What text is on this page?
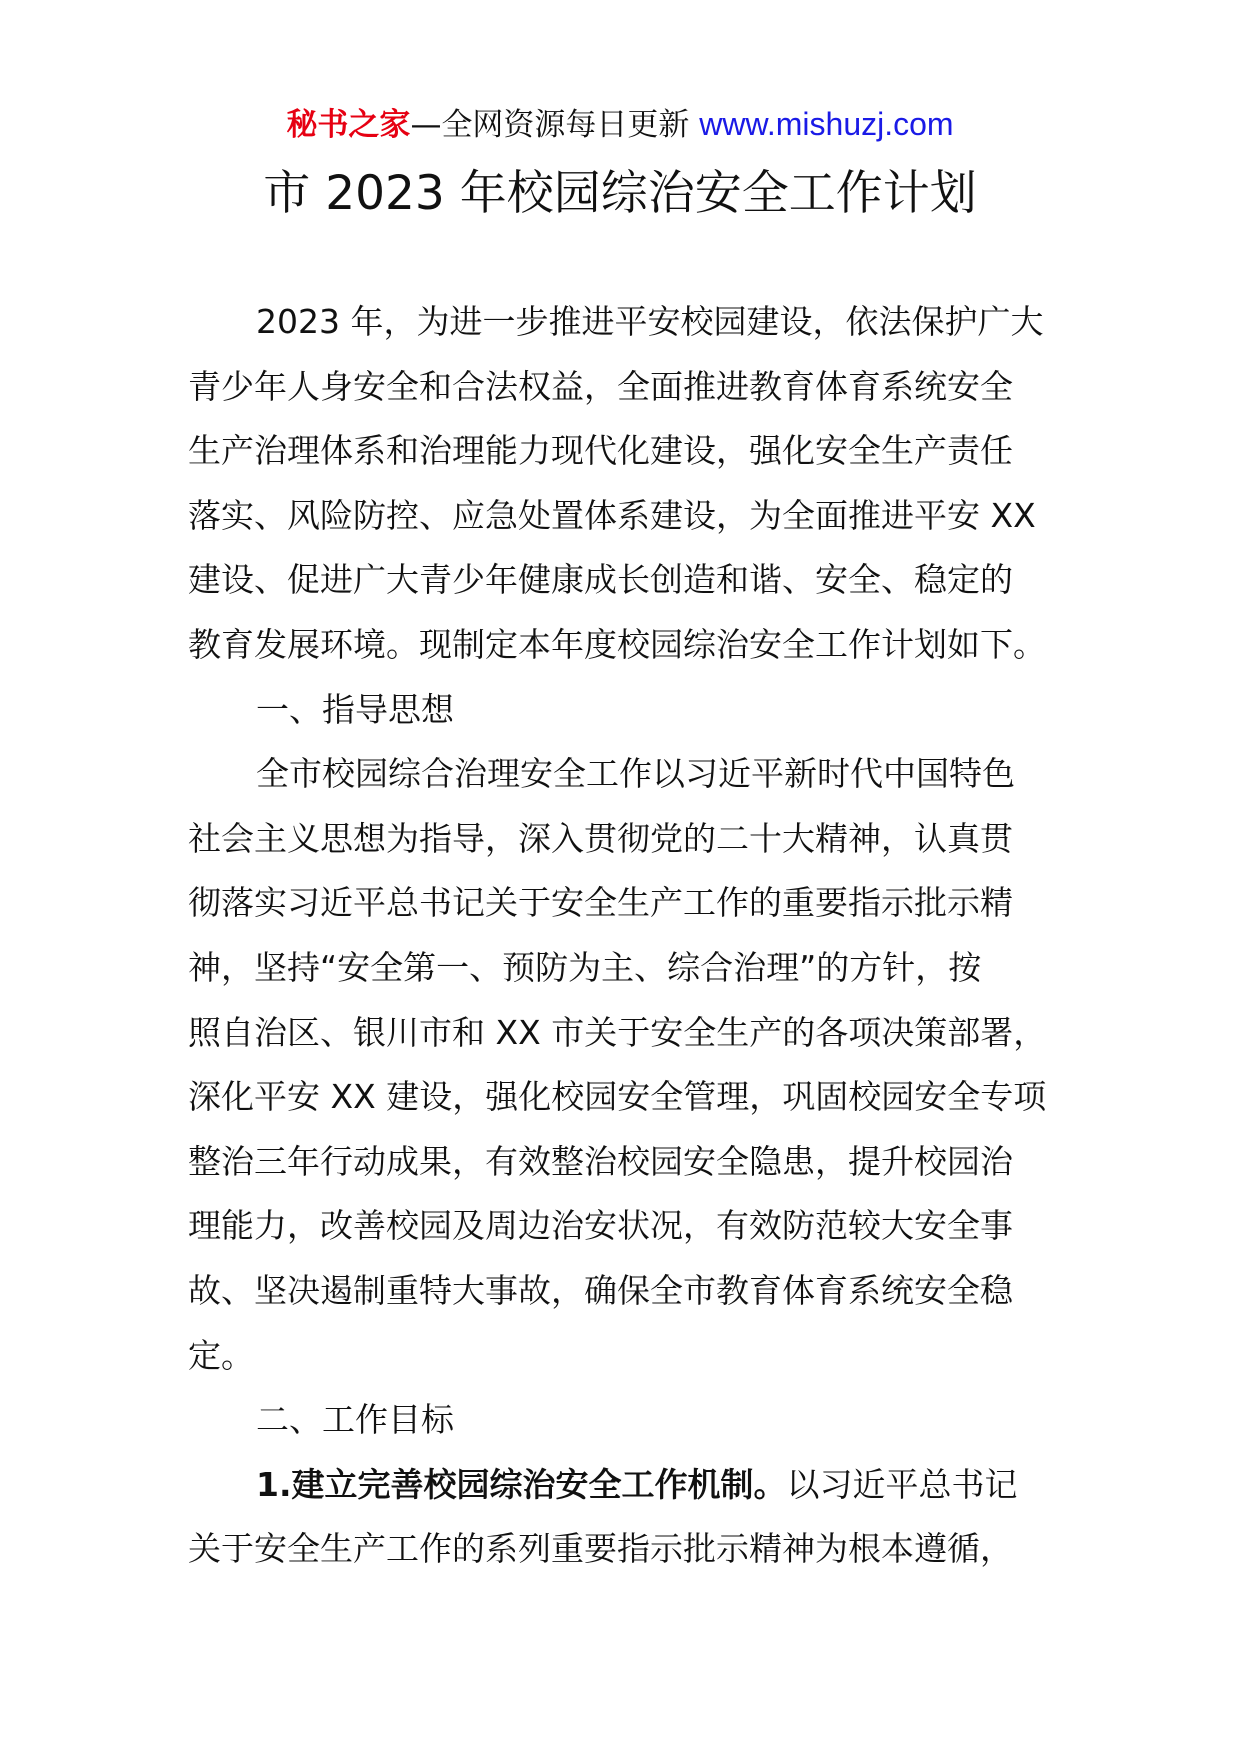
秘书之家—全网资源每日更新 www.mishuzj.com
市 2023 年校园综治安全工作计划
2023 年，为进一步推进平安校园建设，依法保护广大
青少年人身安全和合法权益，全面推进教育体育系统安全
生产治理体系和治理能力现代化建设，强化安全生产责任
落实、风险防控、应急处置体系建设，为全面推进平安 XX
建设、促进广大青少年健康成长创造和谐、安全、稳定的
教育发展环境。现制定本年度校园综治安全工作计划如下。
一、指导思想
全市校园综合治理安全工作以习近平新时代中国特色
社会主义思想为指导，深入贯彻党的二十大精神，认真贯
彻落实习近平总书记关于安全生产工作的重要指示批示精
神，坚持“安全第一、预防为主、综合治理”的方针，按
照自治区、银川市和 XX 市关于安全生产的各项决策部署，
深化平安 XX 建设，强化校园安全管理，巩固校园安全专项
整治三年行动成果，有效整治校园安全隐患，提升校园治
理能力，改善校园及周边治安状况，有效防范较大安全事
故、坚决遏制重特大事故，确保全市教育体育系统安全稳
定。
二、工作目标
1.建立完善校园综治安全工作机制。以习近平总书记
关于安全生产工作的系列重要指示批示精神为根本遵循，
